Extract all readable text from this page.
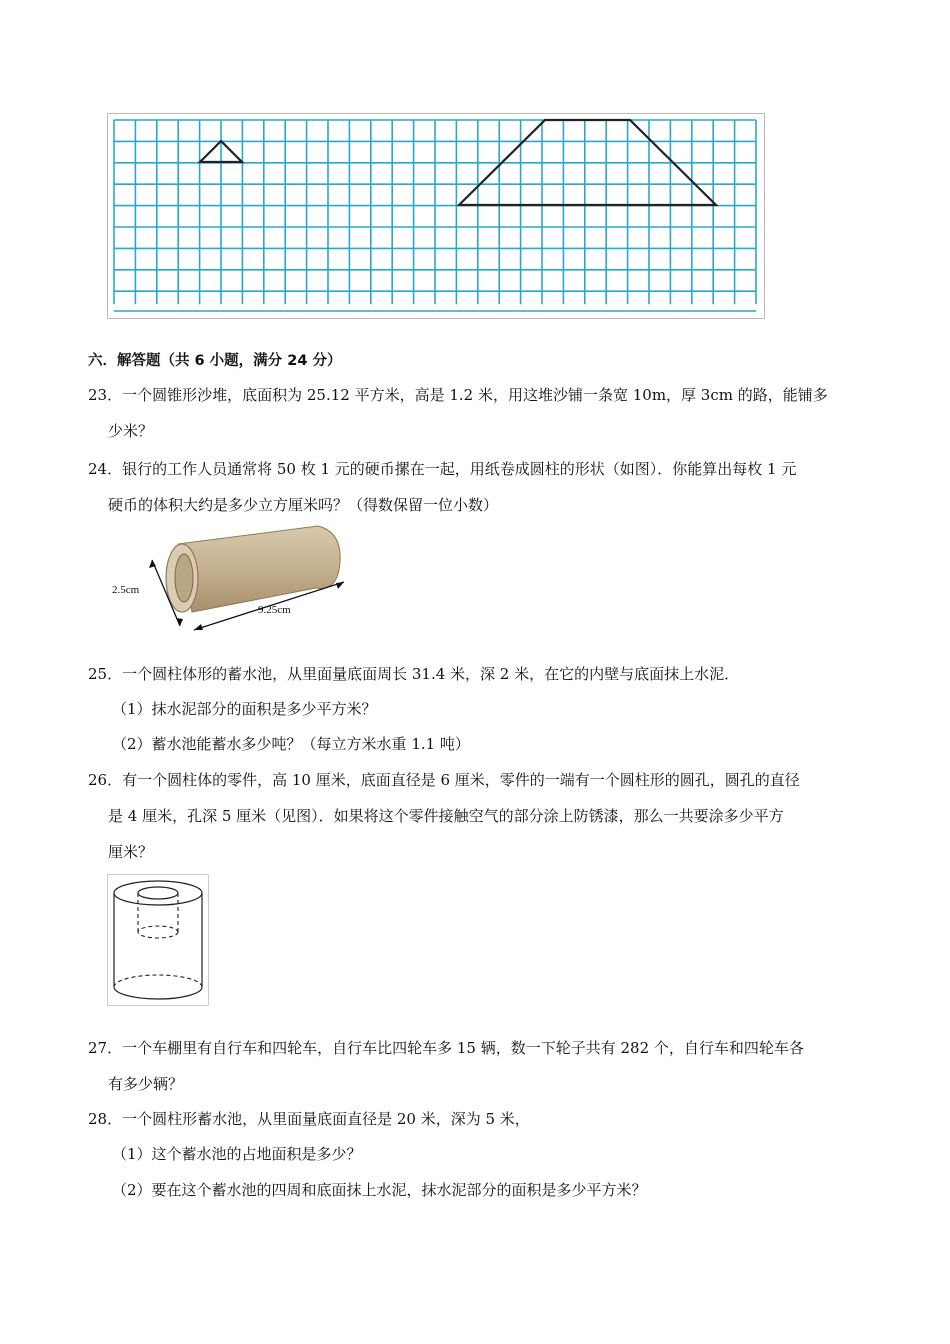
六．解答题（共 6 小题，满分 24 分）
23．一个圆锥形沙堆，底面积为 25.12 平方米，高是 1.2 米，用这堆沙铺一条宽 10m，厚 3cm 的路，能铺多
少米？
24．银行的工作人员通常将 50 枚 1 元的硬币摞在一起，用纸卷成圆柱的形状（如图）．你能算出每枚 1 元
硬币的体积大约是多少立方厘米吗？（得数保留一位小数）
2.5cm
9.25cm
25．一个圆柱体形的蓄水池，从里面量底面周长 31.4 米，深 2 米，在它的内壁与底面抹上水泥．
（1）抹水泥部分的面积是多少平方米？
（2）蓄水池能蓄水多少吨？（每立方米水重 1.1 吨）
26．有一个圆柱体的零件，高 10 厘米，底面直径是 6 厘米，零件的一端有一个圆柱形的圆孔，圆孔的直径
是 4 厘米，孔深 5 厘米（见图）．如果将这个零件接触空气的部分涂上防锈漆，那么一共要涂多少平方
厘米？
27．一个车棚里有自行车和四轮车，自行车比四轮车多 15 辆，数一下轮子共有 282 个，自行车和四轮车各
有多少辆？
28．一个圆柱形蓄水池，从里面量底面直径是 20 米，深为 5 米，
（1）这个蓄水池的占地面积是多少？
（2）要在这个蓄水池的四周和底面抹上水泥，抹水泥部分的面积是多少平方米？
